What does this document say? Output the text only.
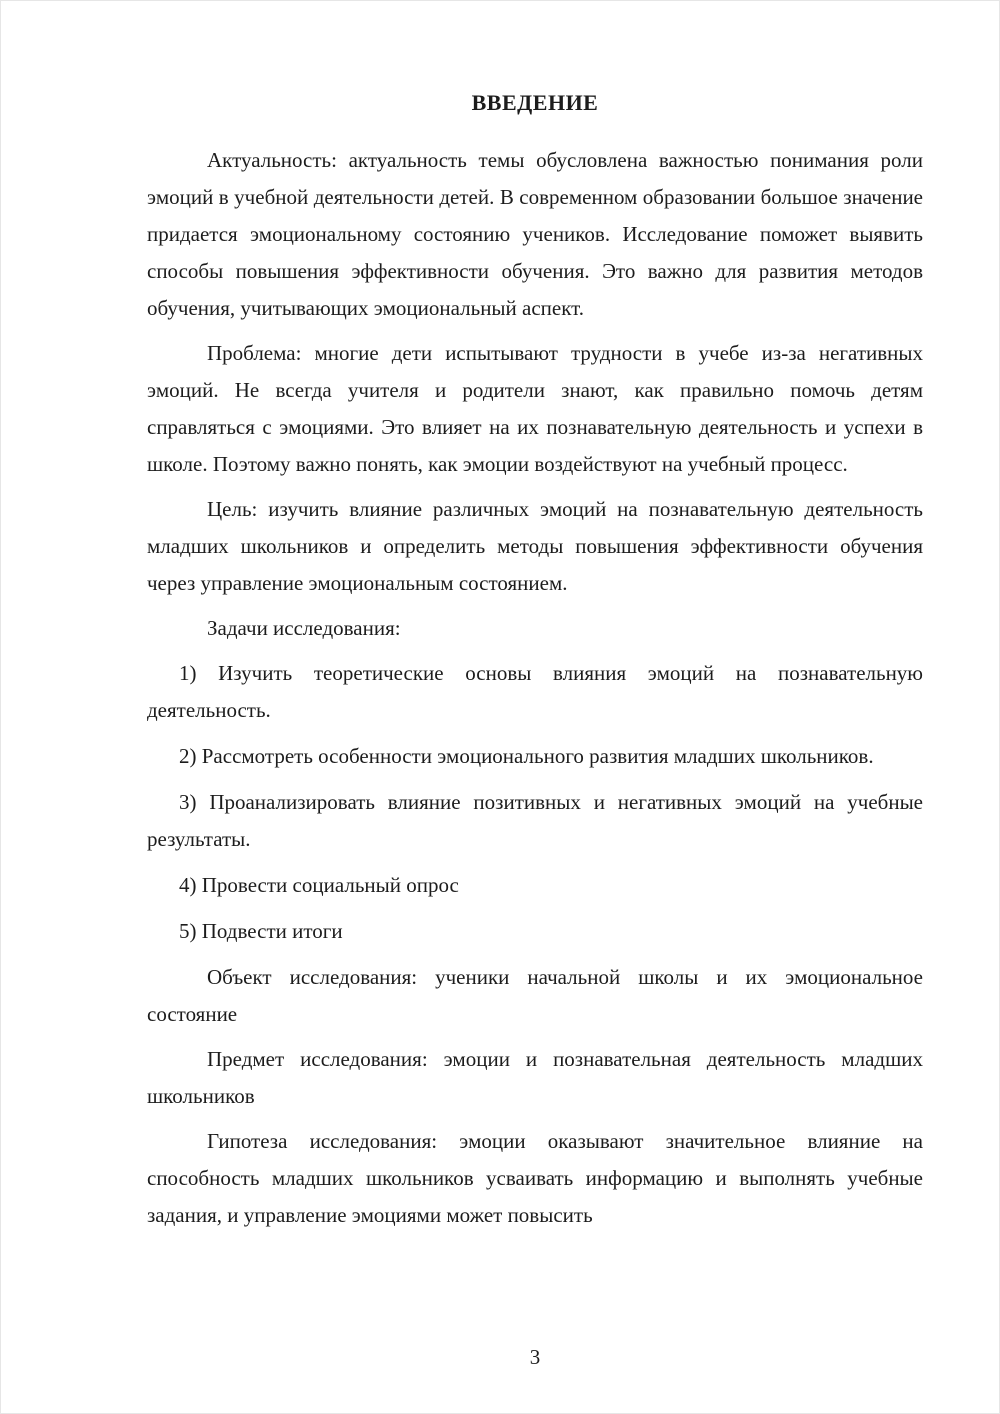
ВВЕДЕНИЕ

Актуальность: актуальность темы обусловлена важностью понимания роли эмоций в учебной деятельности детей. В современном образовании большое значение придается эмоциональному состоянию учеников. Исследование поможет выявить способы повышения эффективности обучения. Это важно для развития методов обучения, учитывающих эмоциональный аспект.

Проблема: многие дети испытывают трудности в учебе из-за негативных эмоций. Не всегда учителя и родители знают, как правильно помочь детям справляться с эмоциями. Это влияет на их познавательную деятельность и успехи в школе. Поэтому важно понять, как эмоции воздействуют на учебный процесс.

Цель: изучить влияние различных эмоций на познавательную деятельность младших школьников и определить методы повышения эффективности обучения через управление эмоциональным состоянием.

Задачи исследования:

1) Изучить теоретические основы влияния эмоций на познавательную деятельность.

2) Рассмотреть особенности эмоционального развития младших школьников.

3) Проанализировать влияние позитивных и негативных эмоций на учебные результаты.

4) Провести социальный опрос

5) Подвести итоги

Объект исследования: ученики начальной школы и их эмоциональное состояние

Предмет исследования: эмоции и познавательная деятельность младших школьников

Гипотеза исследования: эмоции оказывают значительное влияние на способность младших школьников усваивать информацию и выполнять учебные задания, и управление эмоциями может повысить

3
